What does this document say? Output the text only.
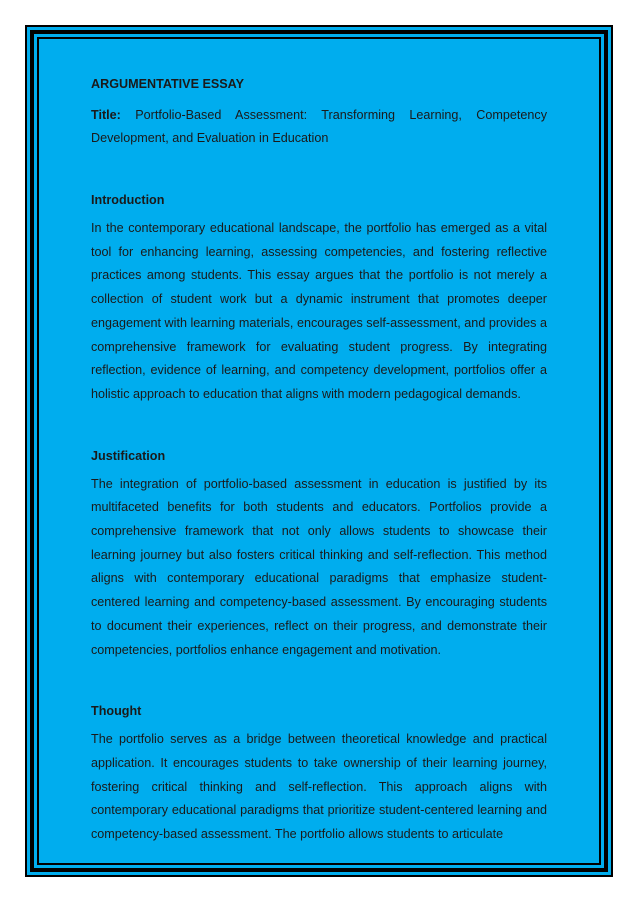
ARGUMENTATIVE ESSAY

Title: Portfolio-Based Assessment: Transforming Learning, Competency Development, and Evaluation in Education

Introduction

In the contemporary educational landscape, the portfolio has emerged as a vital tool for enhancing learning, assessing competencies, and fostering reflective practices among students. This essay argues that the portfolio is not merely a collection of student work but a dynamic instrument that promotes deeper engagement with learning materials, encourages self-assessment, and provides a comprehensive framework for evaluating student progress. By integrating reflection, evidence of learning, and competency development, portfolios offer a holistic approach to education that aligns with modern pedagogical demands.

Justification

The integration of portfolio-based assessment in education is justified by its multifaceted benefits for both students and educators. Portfolios provide a comprehensive framework that not only allows students to showcase their learning journey but also fosters critical thinking and self-reflection. This method aligns with contemporary educational paradigms that emphasize student-centered learning and competency-based assessment. By encouraging students to document their experiences, reflect on their progress, and demonstrate their competencies, portfolios enhance engagement and motivation.

Thought

The portfolio serves as a bridge between theoretical knowledge and practical application. It encourages students to take ownership of their learning journey, fostering critical thinking and self-reflection. This approach aligns with contemporary educational paradigms that prioritize student-centered learning and competency-based assessment. The portfolio allows students to articulate
